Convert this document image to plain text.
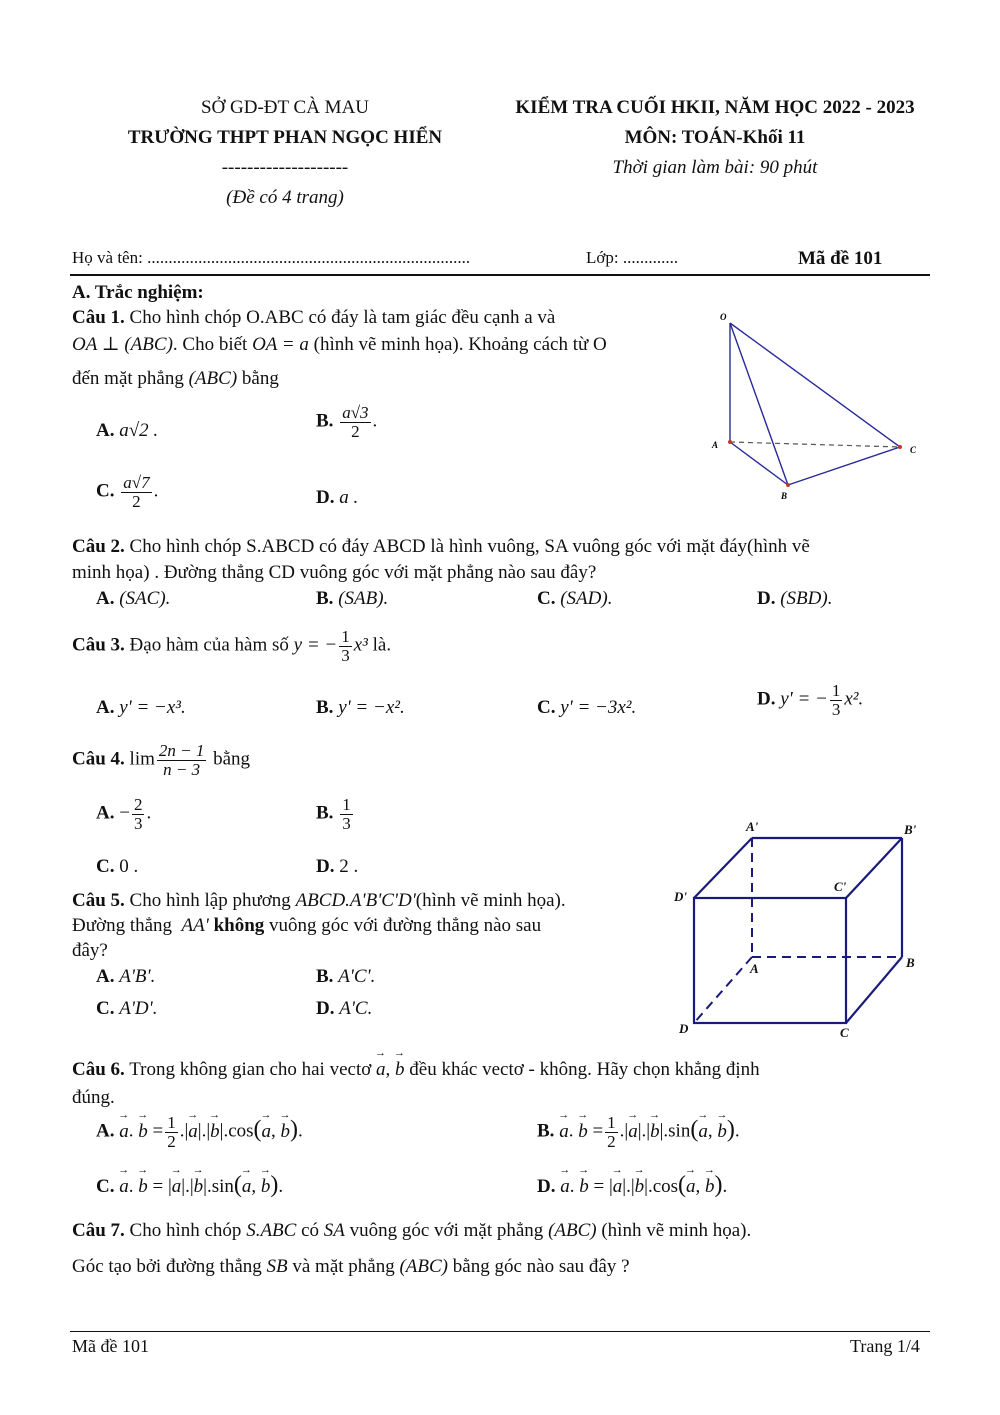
SỞ GD-ĐT CÀ MAU
TRƯỜNG THPT PHAN NGỌC HIỂN
--------------------
(Đề có 4 trang)
KIỂM TRA CUỐI HKII, NĂM HỌC 2022 - 2023
MÔN: TOÁN-Khối 11
Thời gian làm bài: 90 phút
Họ và tên: ............................................................................	Lớp: .............	Mã đề 101
A. Trắc nghiệm:
Câu 1. Cho hình chóp O.ABC có đáy là tam giác đều cạnh a và
OA ⊥ (ABC). Cho biết OA = a (hình vẽ minh họa). Khoảng cách từ O
đến mặt phẳng (ABC) bằng
A. a√2 .	B. $\frac{a√3}{2}$ .
C. $\frac{a√7}{2}$ .	D. a .
O
A	C
B
Câu 2. Cho hình chóp S.ABCD có đáy ABCD là hình vuông, SA vuông góc với mặt đáy(hình vẽ
minh họa) . Đường thẳng CD vuông góc với mặt phẳng nào sau đây?
A. (SAC).	B. (SAB).	C. (SAD).	D. (SBD).
Câu 3. Đạo hàm của hàm số y = − $\frac{1}{3} x^3$ là.
A. y' = −x³.	B. y' = −x².	C. y' = −3x².	D. y' = − $\frac{1}{3} x^2$.
Câu 4. $\lim \frac{2n - 1}{n - 3}$ bằng
A. − $\frac{2}{3}$ .	B. $\frac{1}{3}$
C. 0 .	D. 2 .
Câu 5. Cho hình lập phương ABCD.A'B'C'D'(hình vẽ minh họa).
Đường thẳng AA' không vuông góc với đường thẳng nào sau
đây?
A. A'B'.	B. A'C'.
C. A'D'.	D. A'C.
A'	B'
C'
D'
A	B
C
D
Câu 6. Trong không gian cho hai vectơ → a, → b đều khác vectơ - không. Hãy chọn khẳng định
đúng.
A. → a. → $b = \frac{1}{2}$ .|→ a|.|→ b|.cos(→ a, → b).	B. → a. → $b = \frac{1}{2}$ .|→ a|.|→ b|.sin(→ a, → b).
C. → a. → b = |→ a|.|→ b|.sin(→ a, → b).	D. → a. → b = |→ a|.|→ b|.cos(→ a, → b).
Câu 7. Cho hình chóp S.ABC có SA vuông góc với mặt phẳng (ABC) (hình vẽ minh họa).
Góc tạo bởi đường thẳng SB và mặt phẳng (ABC) bằng góc nào sau đây ?
Mã đề 101	Trang 1/4
